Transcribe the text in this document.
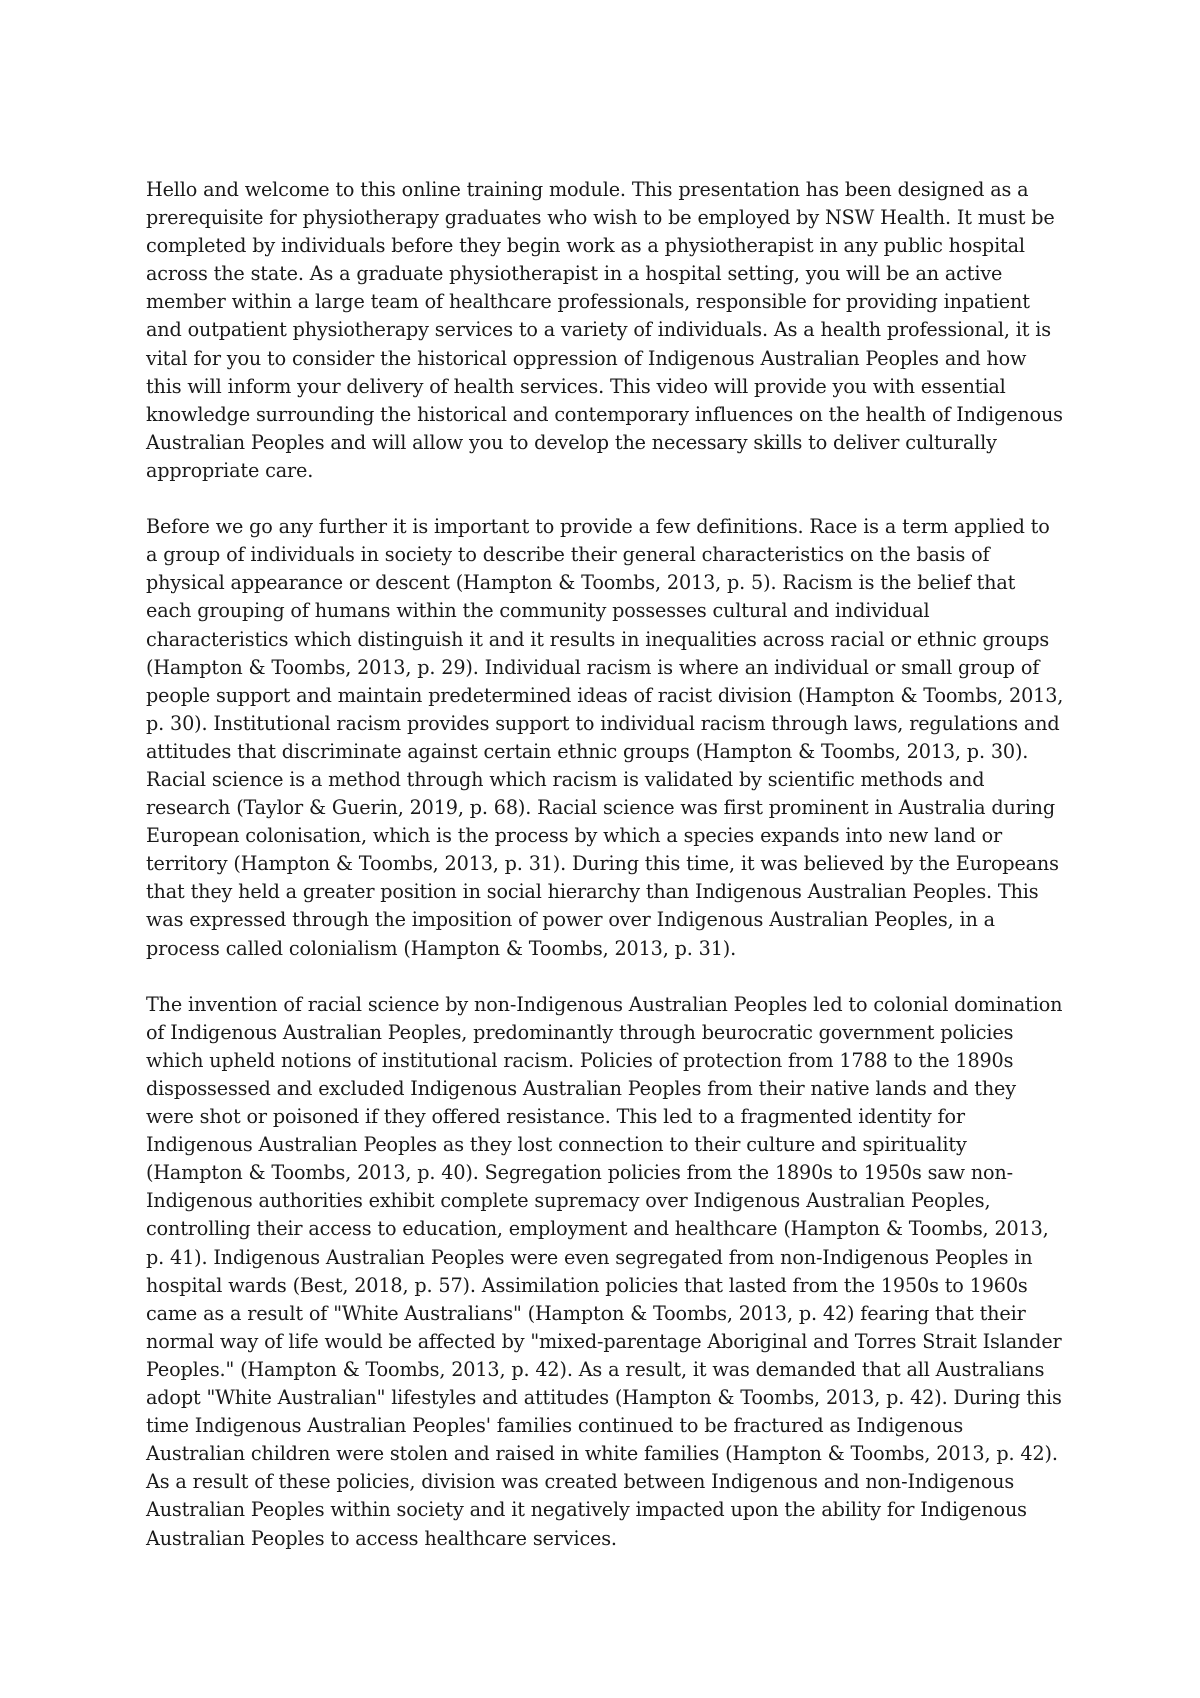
Hello and welcome to this online training module. This presentation has been designed as a prerequisite for physiotherapy graduates who wish to be employed by NSW Health. It must be completed by individuals before they begin work as a physiotherapist in any public hospital across the state. As a graduate physiotherapist in a hospital setting, you will be an active member within a large team of healthcare professionals, responsible for providing inpatient and outpatient physiotherapy services to a variety of individuals. As a health professional, it is vital for you to consider the historical oppression of Indigenous Australian Peoples and how this will inform your delivery of health services. This video will provide you with essential knowledge surrounding the historical and contemporary influences on the health of Indigenous Australian Peoples and will allow you to develop the necessary skills to deliver culturally appropriate care.

Before we go any further it is important to provide a few definitions. Race is a term applied to a group of individuals in society to describe their general characteristics on the basis of physical appearance or descent (Hampton & Toombs, 2013, p. 5). Racism is the belief that each grouping of humans within the community possesses cultural and individual characteristics which distinguish it and it results in inequalities across racial or ethnic groups (Hampton & Toombs, 2013, p. 29). Individual racism is where an individual or small group of people support and maintain predetermined ideas of racist division (Hampton & Toombs, 2013, p. 30). Institutional racism provides support to individual racism through laws, regulations and attitudes that discriminate against certain ethnic groups (Hampton & Toombs, 2013, p. 30). Racial science is a method through which racism is validated by scientific methods and research (Taylor & Guerin, 2019, p. 68). Racial science was first prominent in Australia during European colonisation, which is the process by which a species expands into new land or territory (Hampton & Toombs, 2013, p. 31). During this time, it was believed by the Europeans that they held a greater position in social hierarchy than Indigenous Australian Peoples. This was expressed through the imposition of power over Indigenous Australian Peoples, in a process called colonialism (Hampton & Toombs, 2013, p. 31).

The invention of racial science by non-Indigenous Australian Peoples led to colonial domination of Indigenous Australian Peoples, predominantly through beurocratic government policies which upheld notions of institutional racism. Policies of protection from 1788 to the 1890s dispossessed and excluded Indigenous Australian Peoples from their native lands and they were shot or poisoned if they offered resistance. This led to a fragmented identity for Indigenous Australian Peoples as they lost connection to their culture and spirituality (Hampton & Toombs, 2013, p. 40). Segregation policies from the 1890s to 1950s saw non-Indigenous authorities exhibit complete supremacy over Indigenous Australian Peoples, controlling their access to education, employment and healthcare (Hampton & Toombs, 2013, p. 41). Indigenous Australian Peoples were even segregated from non-Indigenous Peoples in hospital wards (Best, 2018, p. 57). Assimilation policies that lasted from the 1950s to 1960s came as a result of "White Australians" (Hampton & Toombs, 2013, p. 42) fearing that their normal way of life would be affected by "mixed-parentage Aboriginal and Torres Strait Islander Peoples." (Hampton & Toombs, 2013, p. 42). As a result, it was demanded that all Australians adopt "White Australian" lifestyles and attitudes (Hampton & Toombs, 2013, p. 42). During this time Indigenous Australian Peoples' families continued to be fractured as Indigenous Australian children were stolen and raised in white families (Hampton & Toombs, 2013, p. 42). As a result of these policies, division was created between Indigenous and non-Indigenous Australian Peoples within society and it negatively impacted upon the ability for Indigenous Australian Peoples to access healthcare services.
